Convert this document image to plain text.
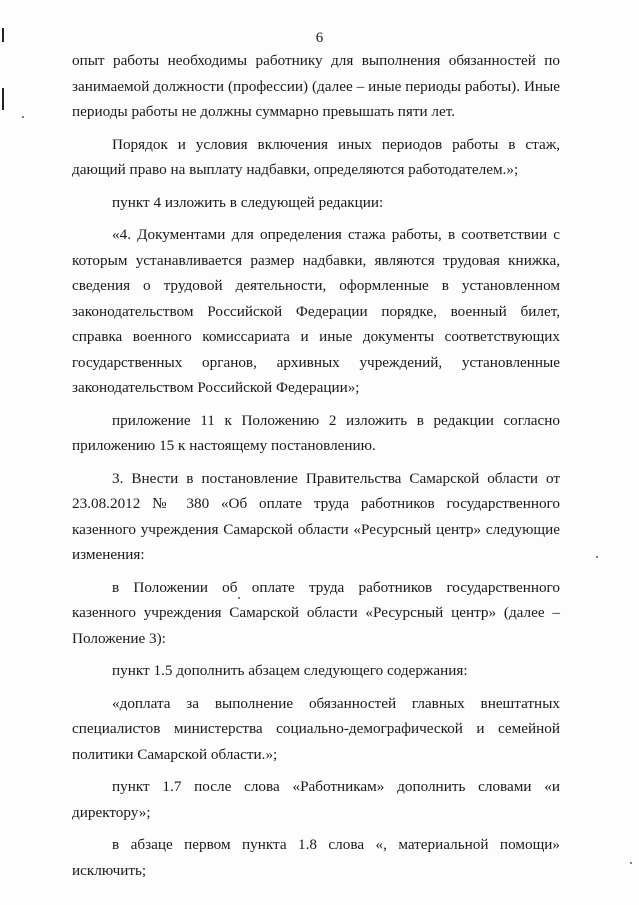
6

опыт работы необходимы работнику для выполнения обязанностей по занимаемой должности (профессии) (далее – иные периоды работы). Иные периоды работы не должны суммарно превышать пяти лет.

Порядок и условия включения иных периодов работы в стаж, дающий право на выплату надбавки, определяются работодателем.»;

пункт 4 изложить в следующей редакции:

«4. Документами для определения стажа работы, в соответствии с которым устанавливается размер надбавки, являются трудовая книжка, сведения о трудовой деятельности, оформленные в установленном законодательством Российской Федерации порядке, военный билет, справка военного комиссариата и иные документы соответствующих государственных органов, архивных учреждений, установленные законодательством Российской Федерации»;

приложение 11 к Положению 2 изложить в редакции согласно приложению 15 к настоящему постановлению.

3. Внести в постановление Правительства Самарской области от 23.08.2012 № 380 «Об оплате труда работников государственного казенного учреждения Самарской области «Ресурсный центр» следующие изменения:

в Положении об оплате труда работников государственного казенного учреждения Самарской области «Ресурсный центр» (далее – Положение 3):

пункт 1.5 дополнить абзацем следующего содержания:

«доплата за выполнение обязанностей главных внештатных специалистов министерства социально-демографической и семейной политики Самарской области.»;

пункт 1.7 после слова «Работникам» дополнить словами «и директору»;

в абзаце первом пункта 1.8 слова «, материальной помощи» исключить;
